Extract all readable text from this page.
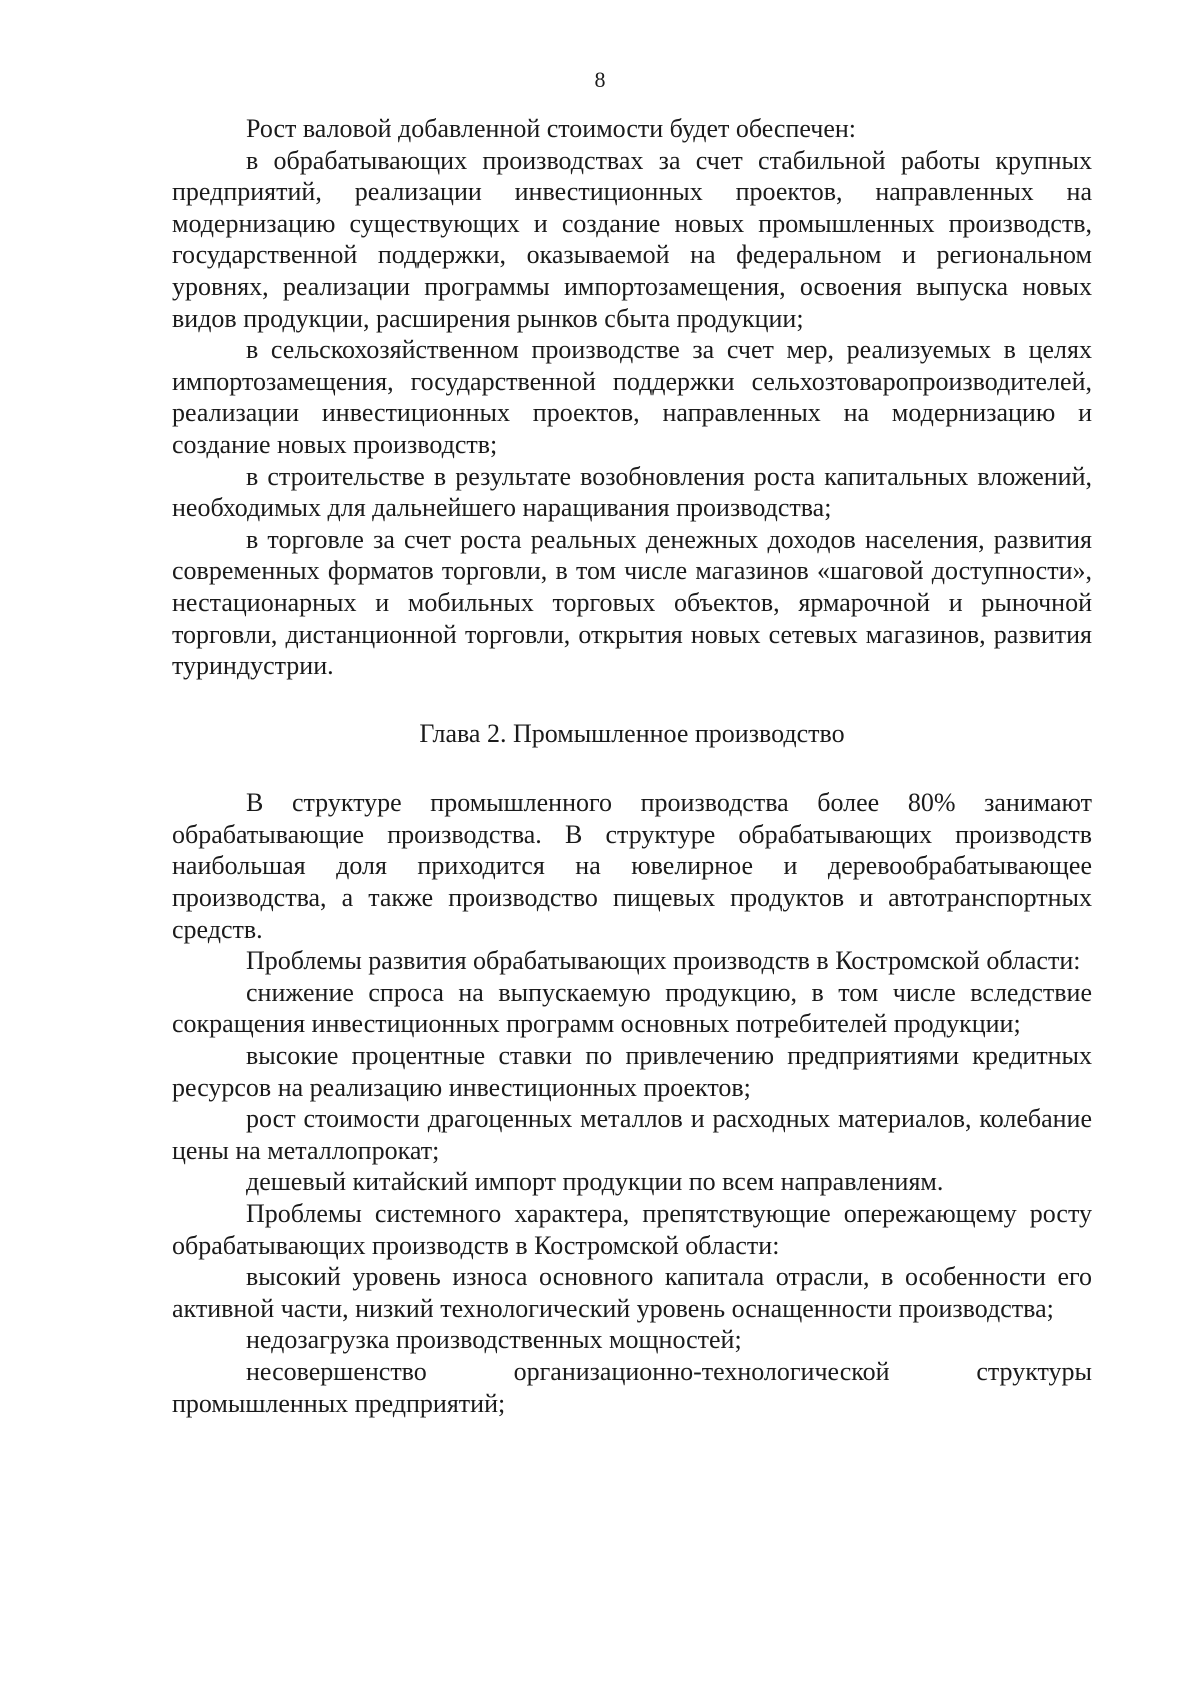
8

Рост валовой добавленной стоимости будет обеспечен:

в обрабатывающих производствах за счет стабильной работы крупных предприятий, реализации инвестиционных проектов, направленных на модернизацию существующих и создание новых промышленных производств, государственной поддержки, оказываемой на федеральном и региональном уровнях, реализации программы импортозамещения, освоения выпуска новых видов продукции, расширения рынков сбыта продукции;

в сельскохозяйственном производстве за счет мер, реализуемых в целях импортозамещения, государственной поддержки сельхозтоваропроизводителей, реализации инвестиционных проектов, направленных на модернизацию и создание новых производств;

в строительстве в результате возобновления роста капитальных вложений, необходимых для дальнейшего наращивания производства;

в торговле за счет роста реальных денежных доходов населения, развития современных форматов торговли, в том числе магазинов «шаговой доступности», нестационарных и мобильных торговых объектов, ярмарочной и рыночной торговли, дистанционной торговли, открытия новых сетевых магазинов, развития туриндустрии.

Глава 2. Промышленное производство

В структуре промышленного производства более 80% занимают обрабатывающие производства. В структуре обрабатывающих производств наибольшая доля приходится на ювелирное и деревообрабатывающее производства, а также производство пищевых продуктов и автотранспортных средств.

Проблемы развития обрабатывающих производств в Костромской области:

снижение спроса на выпускаемую продукцию, в том числе вследствие сокращения инвестиционных программ основных потребителей продукции;

высокие процентные ставки по привлечению предприятиями кредитных ресурсов на реализацию инвестиционных проектов;

рост стоимости драгоценных металлов и расходных материалов, колебание цены на металлопрокат;

дешевый китайский импорт продукции по всем направлениям.

Проблемы системного характера, препятствующие опережающему росту обрабатывающих производств в Костромской области:

высокий уровень износа основного капитала отрасли, в особенности его активной части, низкий технологический уровень оснащенности производства;

недозагрузка производственных мощностей;

несовершенство организационно-технологической структуры промышленных предприятий;
